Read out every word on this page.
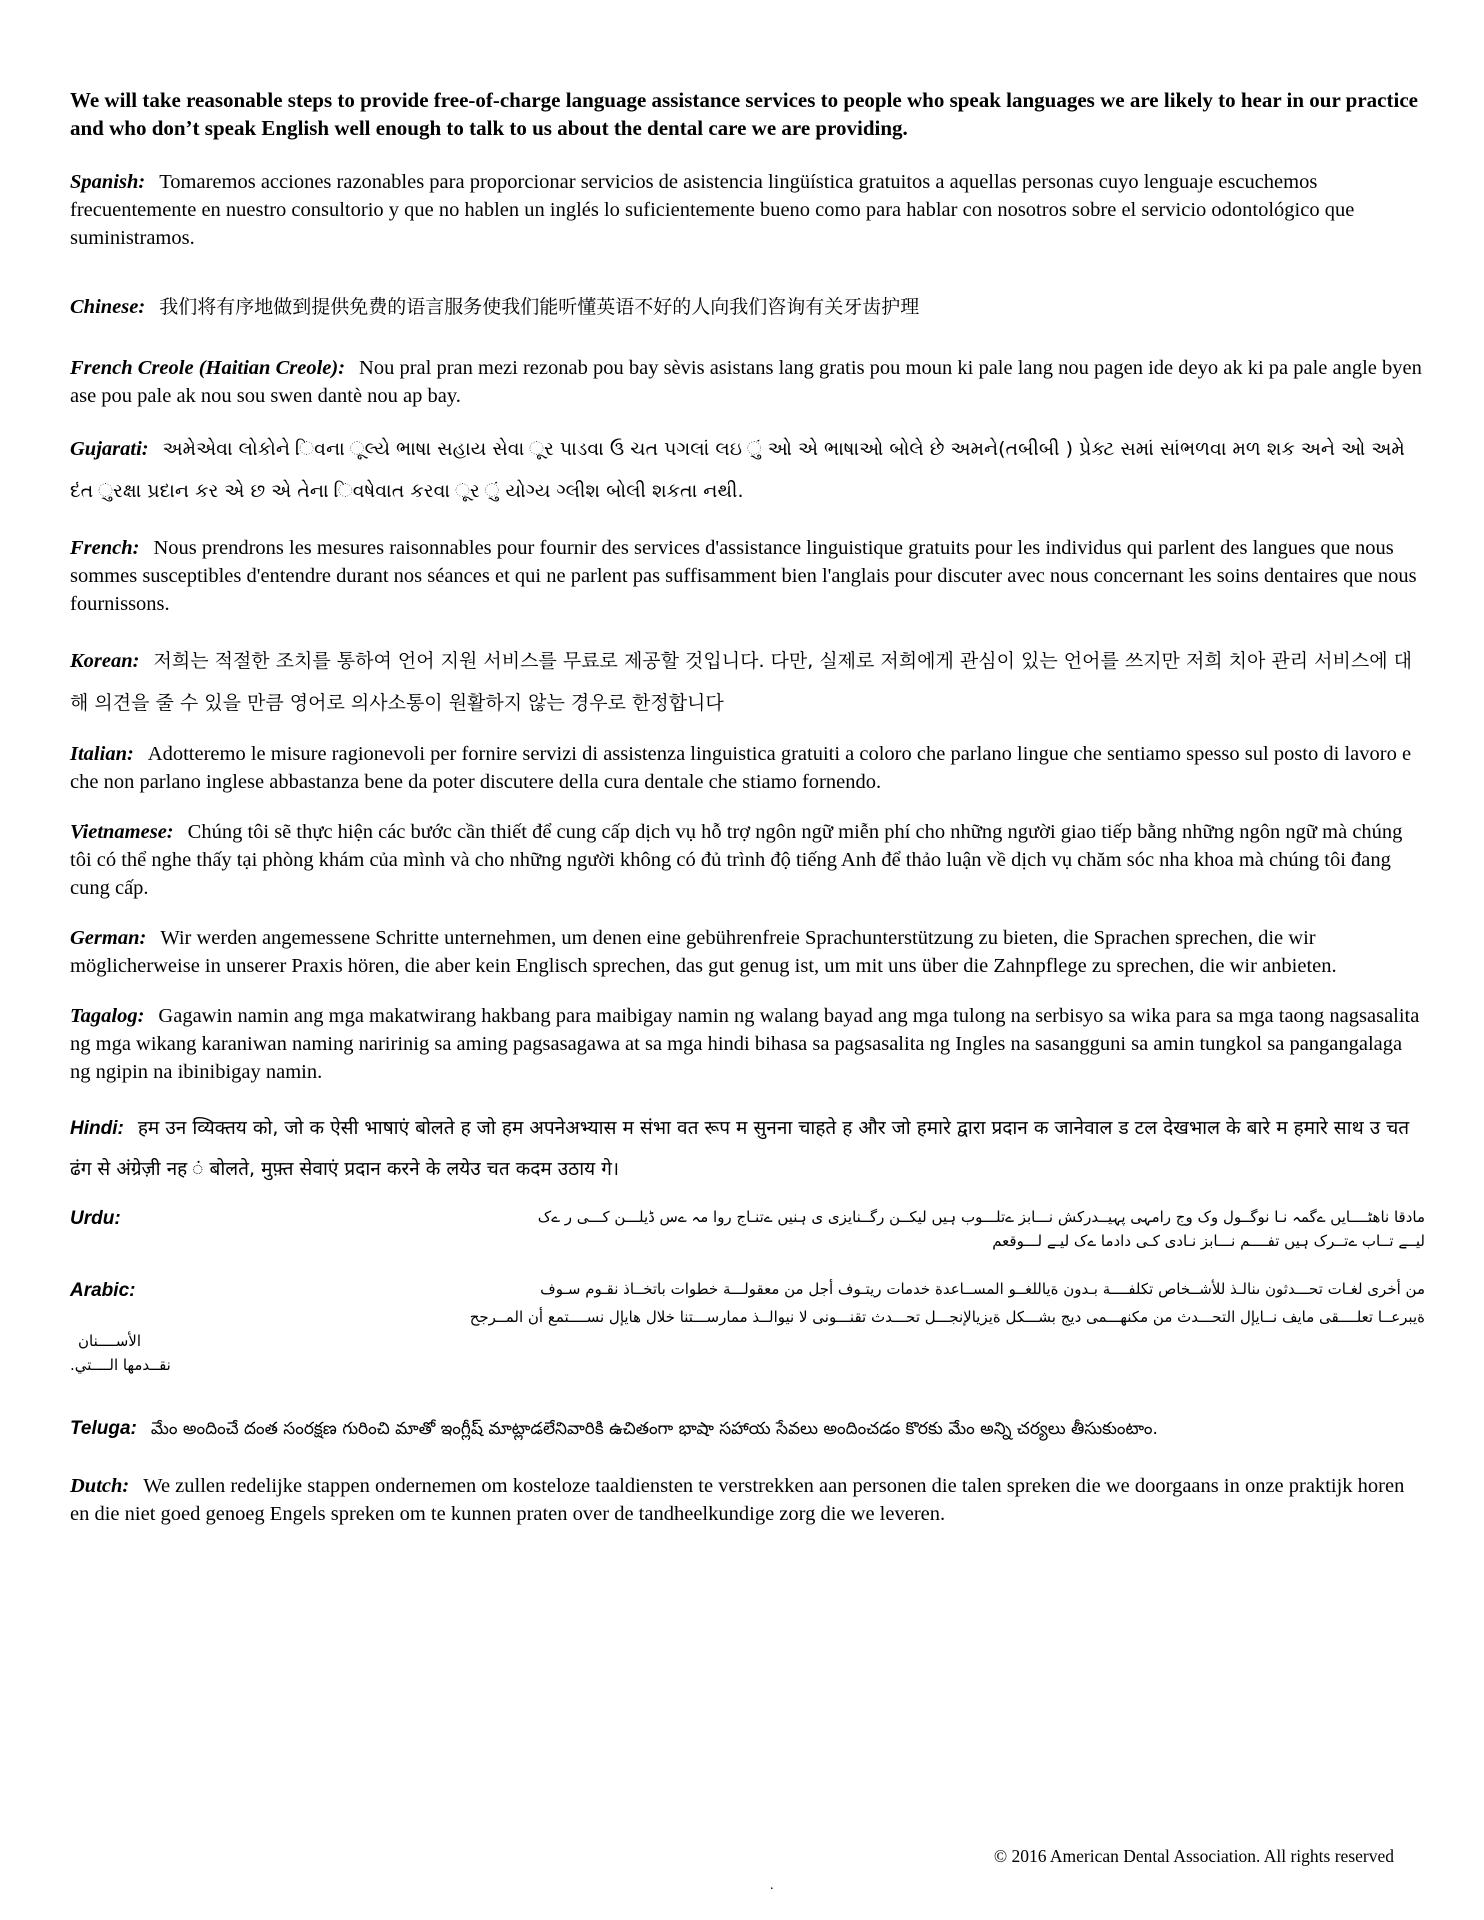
We will take reasonable steps to provide free-of-charge language assistance services to people who speak languages we are likely to hear in our practice and who don’t speak English well enough to talk to us about the dental care we are providing.

Spanish: Tomaremos acciones razonables para proporcionar servicios de asistencia lingüística gratuitos a aquellas personas cuyo lenguaje escuchemos frecuentemente en nuestro consultorio y que no hablen un inglés lo suficientemente bueno como para hablar con nosotros sobre el servicio odontológico que suministramos.

Chinese: 我们将有序地做到提供免费的语言服务使我们能听懂英语不好的人向我们咨询有关牙齿护理

French Creole (Haitian Creole): Nou pral pran mezi rezonab pou bay sèvis asistans lang gratis pou moun ki pale lang nou pagen ide deyo ak ki pa pale angle byen ase pou pale ak nou sou swen dantè nou ap bay.

Gujarati: અમેએવા લોકોને િવના ૂલ્યે ભાષા સહાય સેવા ૂર પાડવા ઉ ચત પગલાં લઇ ું ઓ એ ભાષાઓ બોલે છે અમને(તબીબી ) પ્રેક્ટ સમાં સાંભળવા મળ શક અને ઓ અમે દંત ુરક્ષા પ્રદાન કર એ છ એ તેના િવષેવાત કરવા ૂર ું યોગ્ય ગ્લીશ બોલી શકતા નથી.

French: Nous prendrons les mesures raisonnables pour fournir des services d'assistance linguistique gratuits pour les individus qui parlent des langues que nous sommes susceptibles d'entendre durant nos séances et qui ne parlent pas suffisamment bien l'anglais pour discuter avec nous concernant les soins dentaires que nous fournissons.

Korean: 저희는 적절한 조치를 통하여 언어 지원 서비스를 무료로 제공할 것입니다. 다만, 실제로 저희에게 관심이 있는 언어를 쓰지만 저희 치아 관리 서비스에 대해 의견을 줄 수 있을 만큼 영어로 의사소통이 원활하지 않는 경우로 한정합니다

Italian: Adotteremo le misure ragionevoli per fornire servizi di assistenza linguistica gratuiti a coloro che parlano lingue che sentiamo spesso sul posto di lavoro e che non parlano inglese abbastanza bene da poter discutere della cura dentale che stiamo fornendo.

Vietnamese: Chúng tôi sẽ thực hiện các bước cần thiết để cung cấp dịch vụ hỗ trợ ngôn ngữ miễn phí cho những người giao tiếp bằng những ngôn ngữ mà chúng tôi có thể nghe thấy tại phòng khám của mình và cho những người không có đủ trình độ tiếng Anh để thảo luận về dịch vụ chăm sóc nha khoa mà chúng tôi đang cung cấp.

German: Wir werden angemessene Schritte unternehmen, um denen eine gebührenfreie Sprachunterstützung zu bieten, die Sprachen sprechen, die wir möglicherweise in unserer Praxis hören, die aber kein Englisch sprechen, das gut genug ist, um mit uns über die Zahnpflege zu sprechen, die wir anbieten.

Tagalog: Gagawin namin ang mga makatwirang hakbang para maibigay namin ng walang bayad ang mga tulong na serbisyo sa wika para sa mga taong nagsasalita ng mga wikang karaniwan naming naririnig sa aming pagsasagawa at sa mga hindi bihasa sa pagsasalita ng Ingles na sasangguni sa amin tungkol sa pangangalaga ng ngipin na ibinibigay namin.

Hindi: हम उन व्यिक्तय को, जो क ऐसी भाषाएं बोलते ह जो हम अपनेअभ्यास म संभा वत रूप म सुनना चाहते ह और जो हमारे द्वारा प्रदान क जानेवाल ड टल देखभाल के बारे म हमारे साथ उ चत ढंग से अंग्रेज़ी नह ं बोलते, मुफ़्त सेवाएं प्रदान करने के लयेउ चत कदम उठाय गे।

Urdu:	مادقا ناھٹــــایں ےگمہ نـا نوگــول وک وج رامہی پہیــدرکش نـــابز ےتلـــوب ہیں لیکــن رگــنایزی ی ہنیں ےتنـاج روا مہ ےس ڈیلـــن کـــی ر ےک
لیــے تــاب ےتــرک ہیں تفــــم نـــابز نـادی کـی دادما ےک لیـے لـــوقعم
Arabic:	من أخرى لغـات تحـــدثون ىنالـذ للأشــخاص تكلفــــة بـدون ةیاللغــو المســاعدة خدمات ریتـوف أجل من معقولـــة خطوات باتخــاذ نقـوم سـوف
ةیبرعــا تعلــــقی مایف نــایإل التحـــدث من مكنهـــمی دیج بشـــكل ةیزیالإنجـــل تحـــدث تقنـــونی لا نیوالــذ ممارســـتنا خلال هایإل نســــتمع أن المــرجح
الأســــنان
.نقــدمها الــــتي

Teluga: మేం అందించే దంత సంరక్షణ గురించి మాతో ఇంగ్లీష్ మాట్లాడలేనివారికి ఉచితంగా భాషా సహాయ సేవలు అందించడం కొరకు మేం అన్ని చర్యలు తీసుకుంటాం.

Dutch: We zullen redelijke stappen ondernemen om kosteloze taaldiensten te verstrekken aan personen die talen spreken die we doorgaans in onze praktijk horen en die niet goed genoeg Engels spreken om te kunnen praten over de tandheelkundige zorg die we leveren.

© 2016 American Dental Association. All rights reserved
.
